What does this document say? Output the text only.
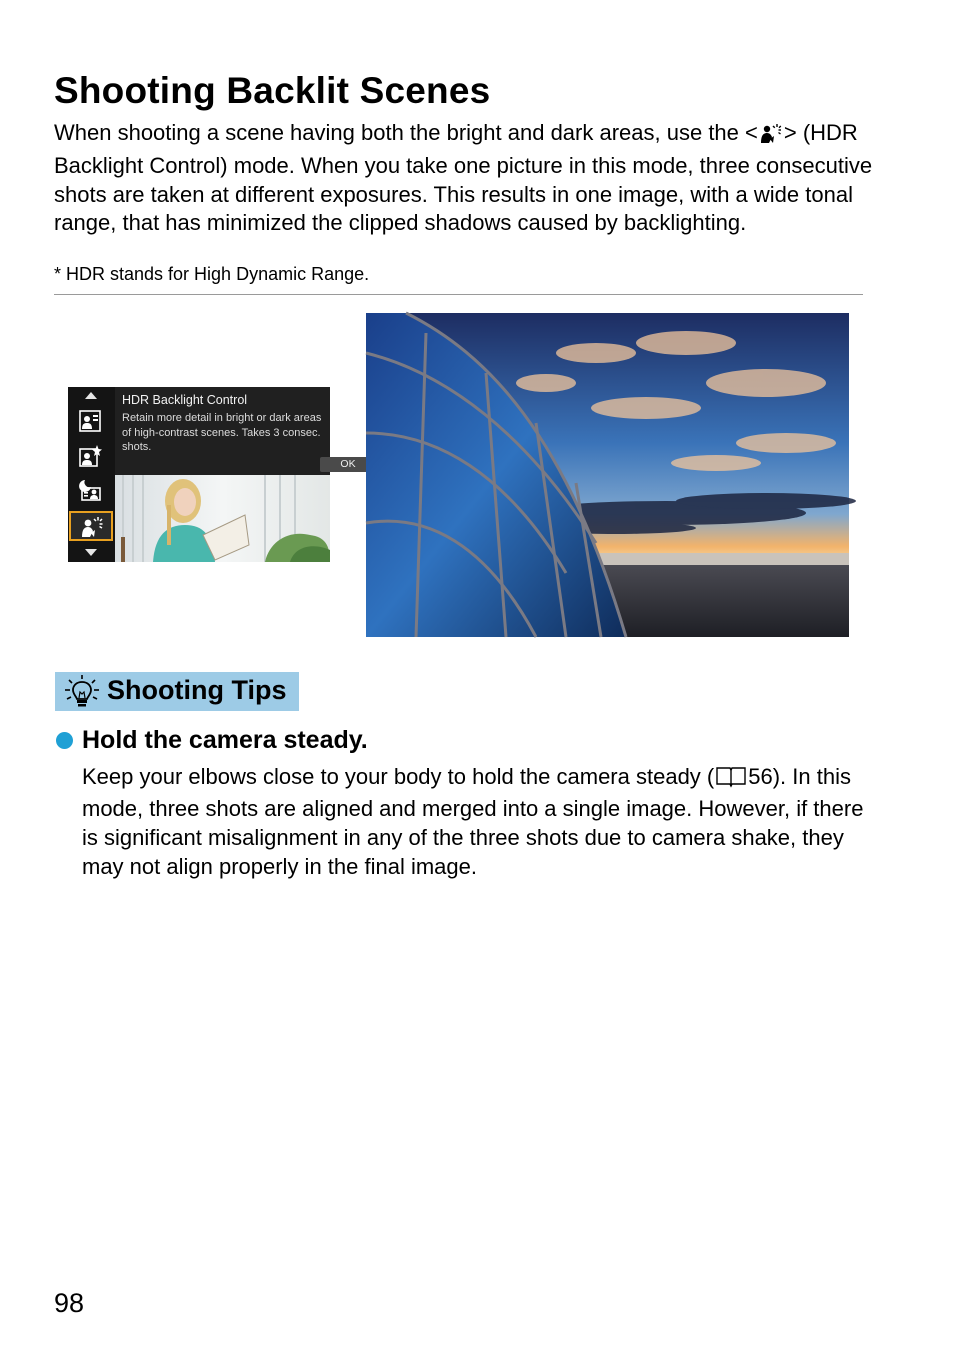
Shooting Backlit Scenes
When shooting a scene having both the bright and dark areas, use the < > (HDR Backlight Control) mode. When you take one picture in this mode, three consecutive shots are taken at different exposures. This results in one image, with a wide tonal range, that has minimized the clipped shadows caused by backlighting.
* HDR stands for High Dynamic Range.
HDR Backlight Control
Retain more detail in bright or dark areas of high-contrast scenes. Takes 3 consec. shots.
OK
Shooting Tips
Hold the camera steady.
Keep your elbows close to your body to hold the camera steady ( 56). In this mode, three shots are aligned and merged into a single image. However, if there is significant misalignment in any of the three shots due to camera shake, they may not align properly in the final image.
98
